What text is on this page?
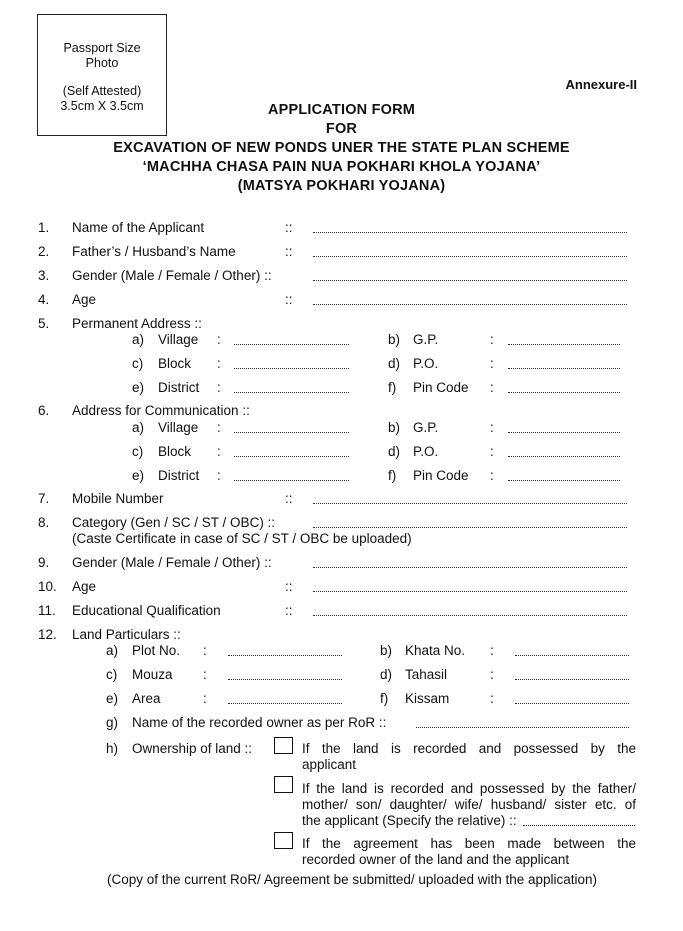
Passport Size
Photo
(Self Attested)
3.5cm X 3.5cm
Annexure-II
APPLICATION FORM
FOR
EXCAVATION OF NEW PONDS UNER THE STATE PLAN SCHEME
‘MACHHA CHASA PAIN NUA POKHARI KHOLA YOJANA’
(MATSYA POKHARI YOJANA)
1. Name of the Applicant	::
2. Father’s / Husband’s Name	::
3. Gender (Male / Female / Other) ::
4. Age	::
5. Permanent Address ::
a) Village :	b) G.P.	:
c) Block :	d) P.O.	:
e) District :	f) Pin Code :
6. Address for Communication ::
a) Village :	b) G.P.	:
c) Block :	d) P.O.	:
e) District :	f) Pin Code :
7. Mobile Number	::
8. Category (Gen / SC / ST / OBC) ::
(Caste Certificate in case of SC / ST / OBC be uploaded)
9. Gender (Male / Female / Other) ::
10. Age	::
11. Educational Qualification	::
12. Land Particulars ::
a) Plot No. :	b) Khata No. :
c) Mouza :	d) Tahasil	:
e) Area	:	f) Kissam	:
g) Name of the recorded owner as per RoR ::
h) Ownership of land ::	If the land is recorded and possessed by the
applicant
If the land is recorded and possessed by the father/
mother/ son/ daughter/ wife/ husband/ sister etc. of
the applicant (Specify the relative) ::
If the agreement has been made between the
recorded owner of the land and the applicant
(Copy of the current RoR/ Agreement be submitted/ uploaded with the application)
